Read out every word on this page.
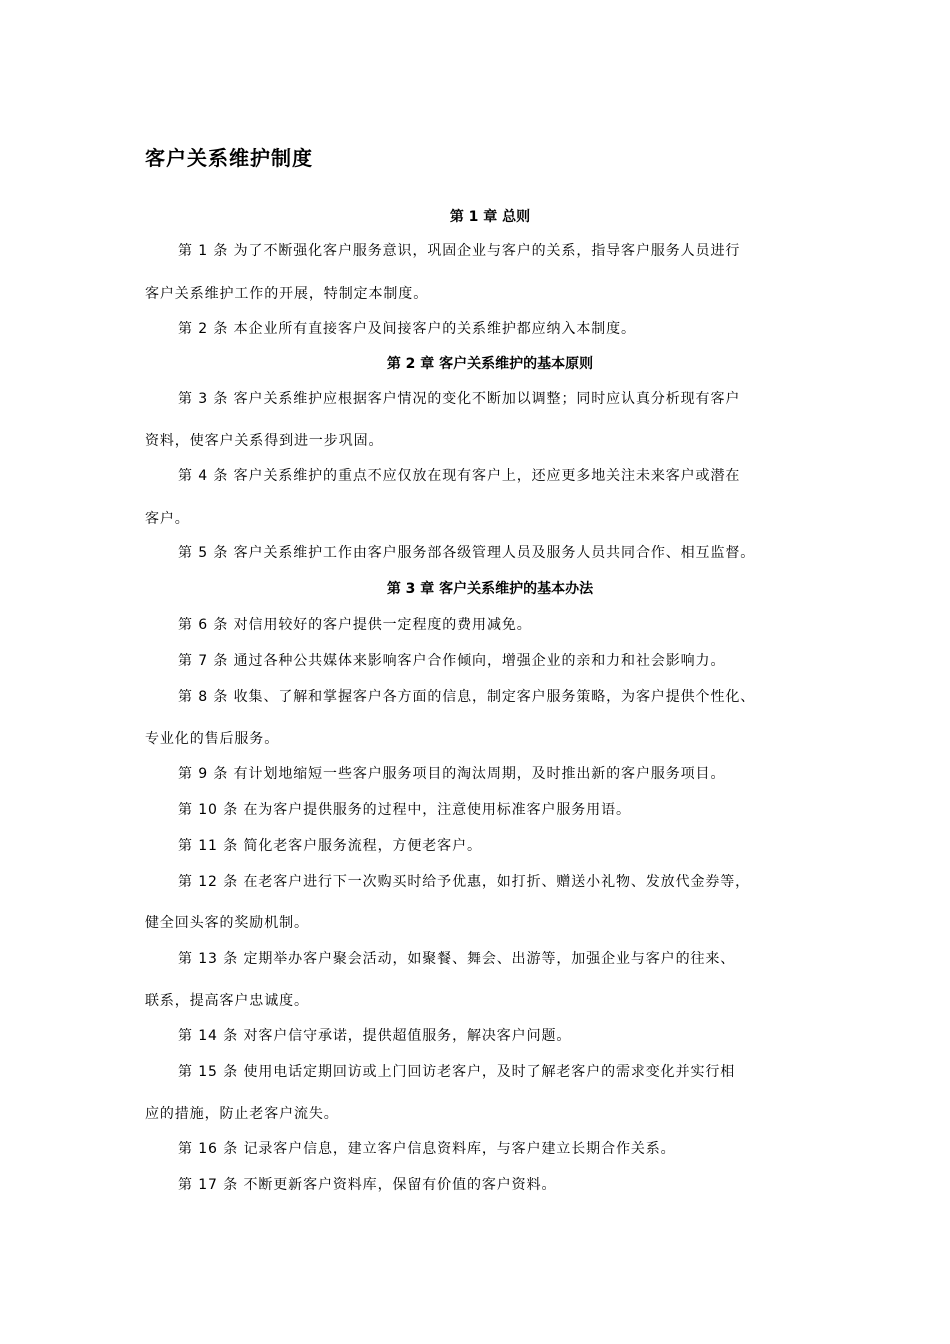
客户关系维护制度
第 1 章 总则
第 1 条 为了不断强化客户服务意识，巩固企业与客户的关系，指导客户服务人员进行
客户关系维护工作的开展，特制定本制度。
第 2 条 本企业所有直接客户及间接客户的关系维护都应纳入本制度。
第 2 章 客户关系维护的基本原则
第 3 条 客户关系维护应根据客户情况的变化不断加以调整；同时应认真分析现有客户
资料，使客户关系得到进一步巩固。
第 4 条 客户关系维护的重点不应仅放在现有客户上，还应更多地关注未来客户或潜在
客户。
第 5 条 客户关系维护工作由客户服务部各级管理人员及服务人员共同合作、相互监督。
第 3 章 客户关系维护的基本办法
第 6 条 对信用较好的客户提供一定程度的费用减免。
第 7 条 通过各种公共媒体来影响客户合作倾向，增强企业的亲和力和社会影响力。
第 8 条 收集、了解和掌握客户各方面的信息，制定客户服务策略，为客户提供个性化、
专业化的售后服务。
第 9 条 有计划地缩短一些客户服务项目的淘汰周期，及时推出新的客户服务项目。
第 10 条 在为客户提供服务的过程中，注意使用标准客户服务用语。
第 11 条 简化老客户服务流程，方便老客户。
第 12 条 在老客户进行下一次购买时给予优惠，如打折、赠送小礼物、发放代金券等，
健全回头客的奖励机制。
第 13 条 定期举办客户聚会活动，如聚餐、舞会、出游等，加强企业与客户的往来、
联系，提高客户忠诚度。
第 14 条 对客户信守承诺，提供超值服务，解决客户问题。
第 15 条 使用电话定期回访或上门回访老客户，及时了解老客户的需求变化并实行相
应的措施，防止老客户流失。
第 16 条 记录客户信息，建立客户信息资料库，与客户建立长期合作关系。
第 17 条 不断更新客户资料库，保留有价值的客户资料。
